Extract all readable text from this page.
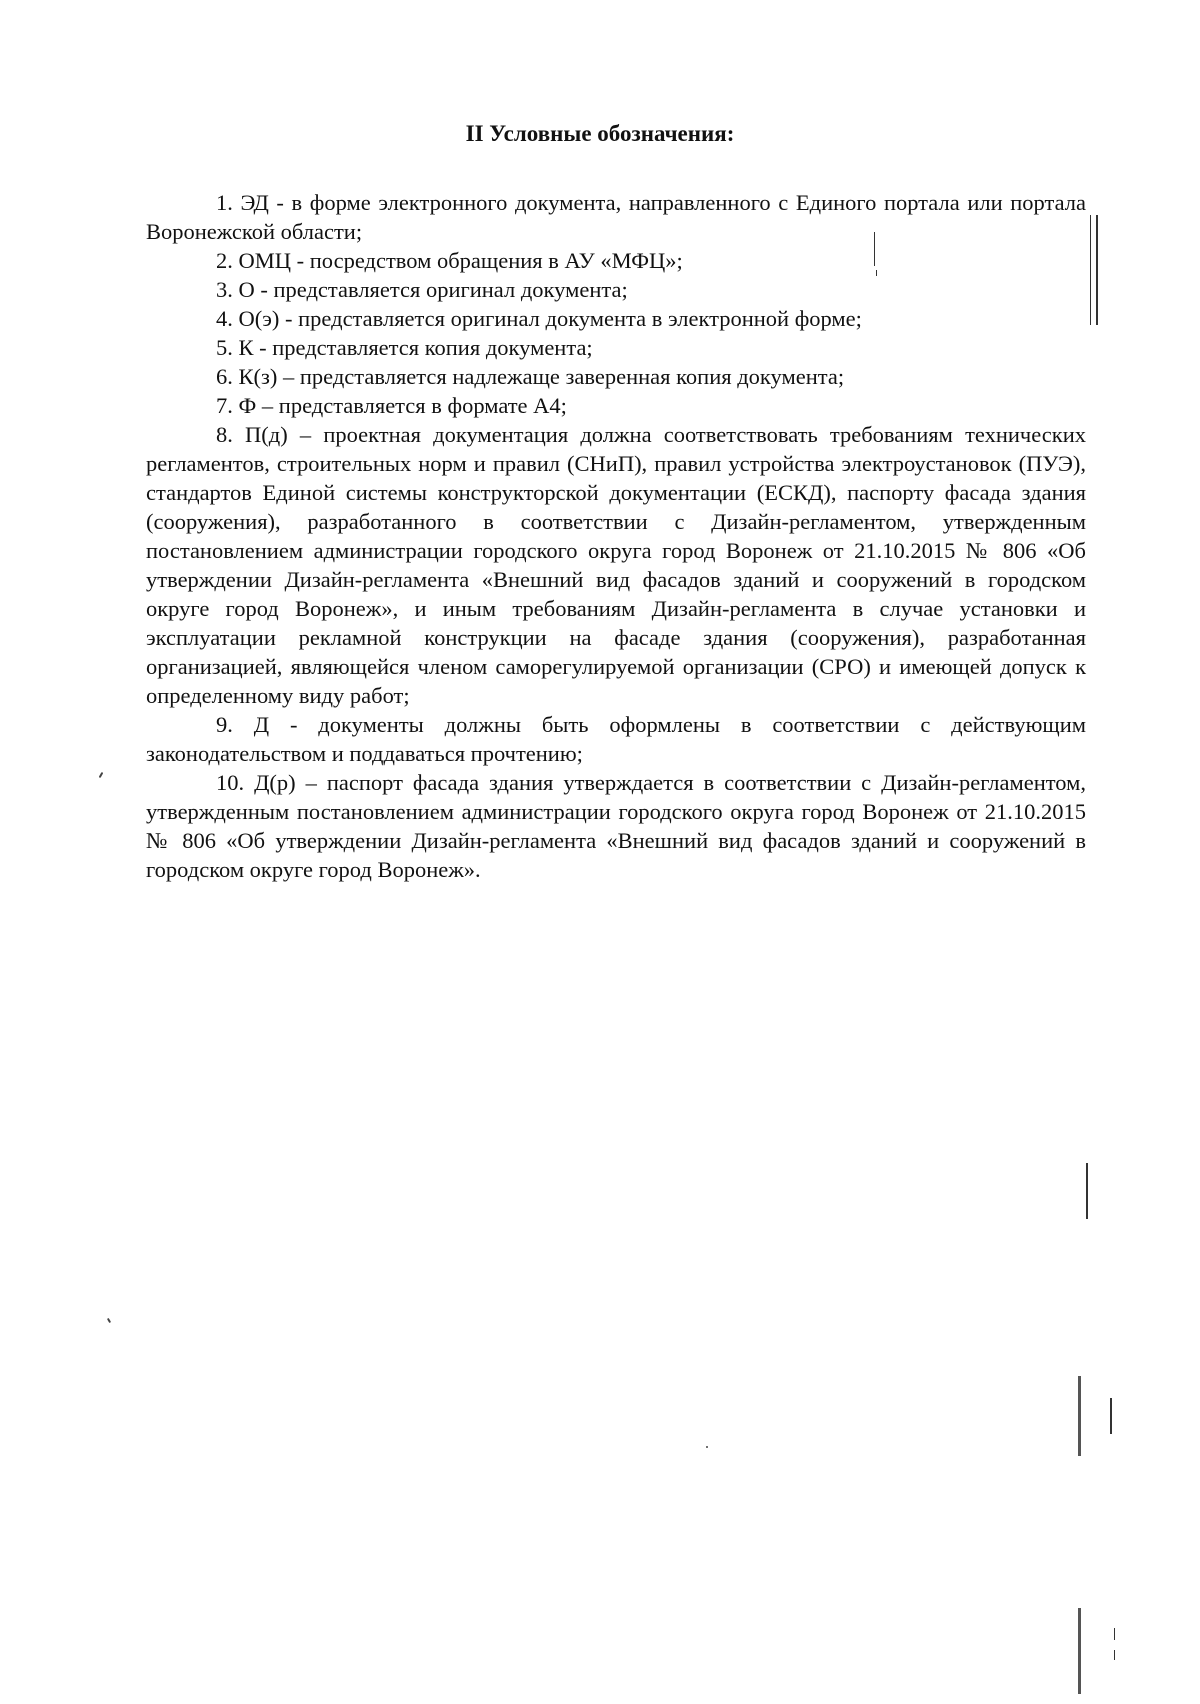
II Условные обозначения:

1. ЭД - в форме электронного документа, направленного с Единого портала или портала Воронежской области;

2. ОМЦ - посредством обращения в АУ «МФЦ»;

3. О - представляется оригинал документа;

4. О(э) - представляется оригинал документа в электронной форме;

5. К - представляется копия документа;

6. К(з) – представляется надлежаще заверенная копия документа;

7. Ф – представляется в формате А4;

8. П(д) – проектная документация должна соответствовать требованиям технических регламентов, строительных норм и правил (СНиП), правил устройства электроустановок (ПУЭ), стандартов Единой системы конструкторской документации (ЕСКД), паспорту фасада здания (сооружения), разработанного в соответствии с Дизайн-регламентом, утвержденным постановлением администрации городского округа город Воронеж от 21.10.2015 № 806 «Об утверждении Дизайн-регламента «Внешний вид фасадов зданий и сооружений в городском округе город Воронеж», и иным требованиям Дизайн-регламента в случае установки и эксплуатации рекламной конструкции на фасаде здания (сооружения), разработанная организацией, являющейся членом саморегулируемой организации (СРО) и имеющей допуск к определенному виду работ;

9. Д - документы должны быть оформлены в соответствии с действующим законодательством и поддаваться прочтению;

10. Д(р) – паспорт фасада здания утверждается в соответствии с Дизайн-регламентом, утвержденным постановлением администрации городского округа город Воронеж от 21.10.2015 № 806 «Об утверждении Дизайн-регламента «Внешний вид фасадов зданий и сооружений в городском округе город Воронеж».
